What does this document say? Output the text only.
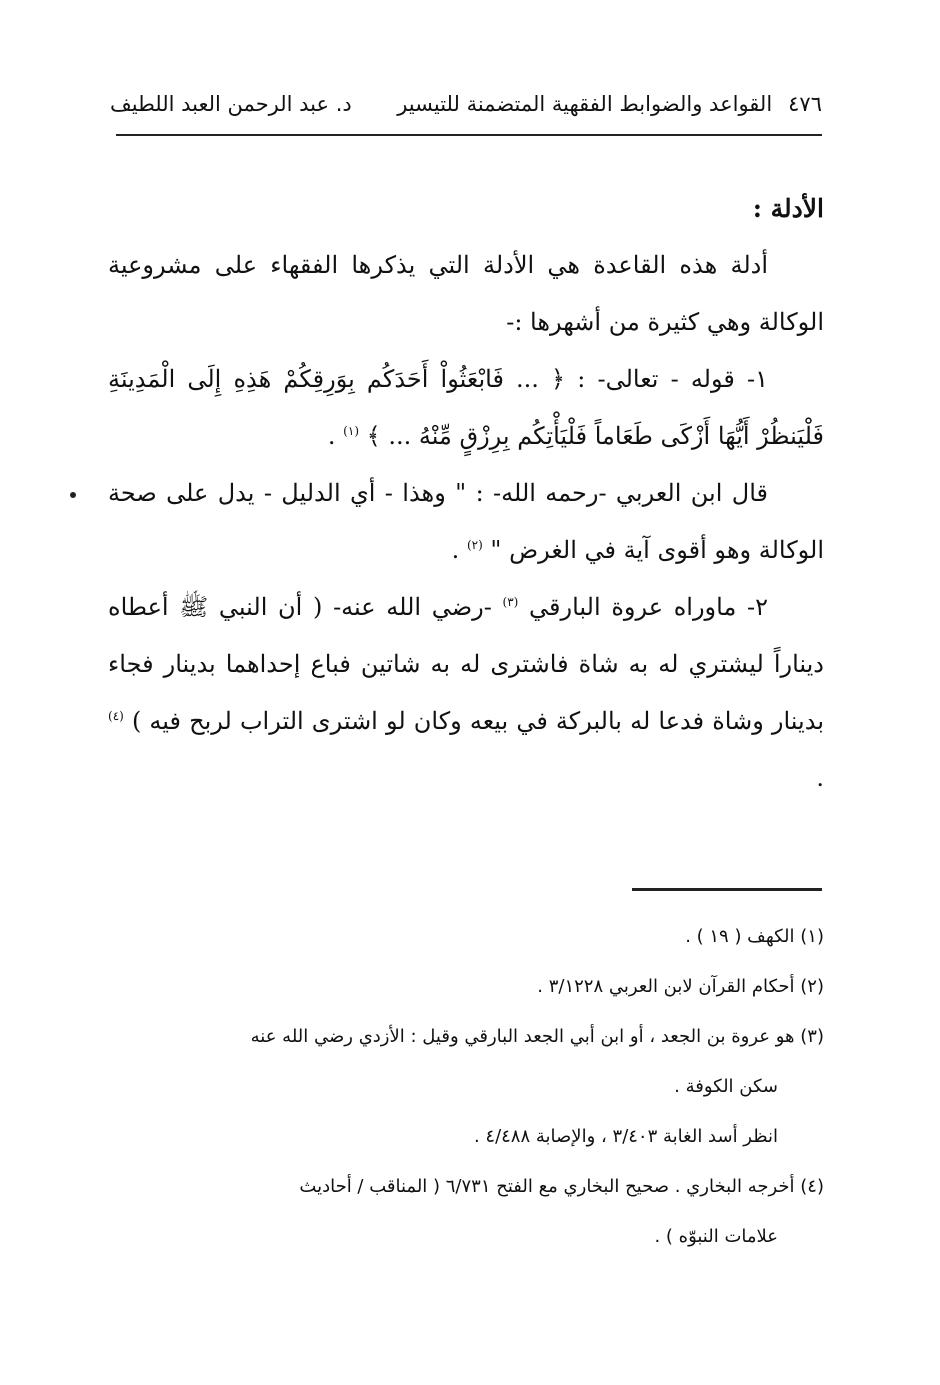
٤٧٦
القواعد والضوابط الفقهية المتضمنة للتيسير
د. عبد الرحمن العبد اللطيف

الأدلة :

أدلة هذه القاعدة هي الأدلة التي يذكرها الفقهاء على مشروعية الوكالة وهي كثيرة من أشهرها :-

١- قوله - تعالى- : ﴿ ... فَابْعَثُواْ أَحَدَكُم بِوَرِقِكُمْ هَذِهِ إِلَى الْمَدِينَةِ فَلْيَنظُرْ أَيُّهَا أَزْكَى طَعَاماً فَلْيَأْتِكُم بِرِزْقٍ مِّنْهُ ... ﴾ $^{(١)}$ .

قال ابن العربي -رحمه الله- : " وهذا - أي الدليل - يدل على صحة الوكالة وهو أقوى آية في الغرض " $^{(٢)}$ .

٢- ماوراه عروة البارقي $^{(٣)}$ -رضي الله عنه- ( أن النبي ﷺ أعطاه ديناراً ليشتري له به شاة فاشترى له به شاتين فباع إحداهما بدينار فجاء بدينار وشاة فدعا له بالبركة في بيعه وكان لو اشترى التراب لربح فيه ) $^{(٤)}$ .

(١) الكهف ( ١٩ ) .

(٢) أحكام القرآن لابن العربي ٣/١٢٢٨ .

(٣) هو عروة بن الجعد ، أو ابن أبي الجعد البارقي وقيل : الأزدي رضي الله عنه

سكن الكوفة .

انظر أسد الغابة ٣/٤٠٣ ، والإصابة ٤/٤٨٨ .

(٤) أخرجه البخاري . صحيح البخاري مع الفتح ٦/٧٣١ ( المناقب / أحاديث

علامات النبوّه ) .
